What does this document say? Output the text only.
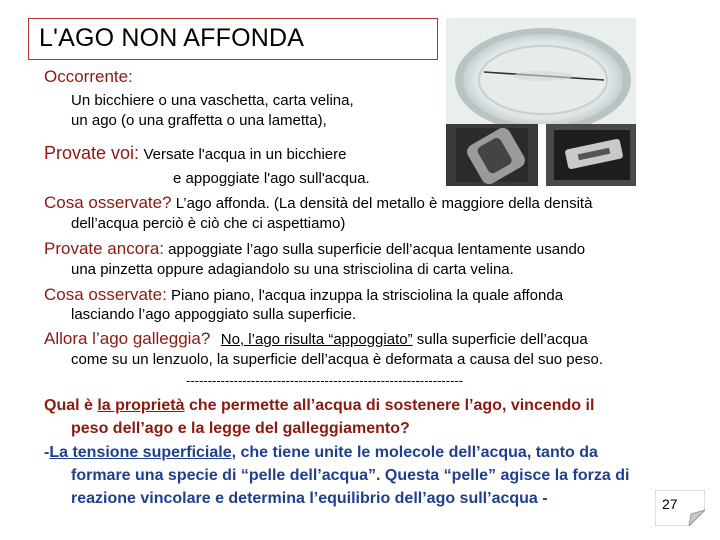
L'AGO NON AFFONDA
Occorrente:
Un bicchiere o una vaschetta, carta velina,
un ago (o una graffetta o una lametta),
Provate voi: Versate l'acqua in un bicchiere
e appoggiate l'ago sull'acqua.
Cosa osservate? L’ago affonda. (La densità del metallo è maggiore della densità
dell’acqua perciò è ciò che ci aspettiamo)
Provate ancora: appoggiate l’ago sulla superficie dell’acqua lentamente usando
una pinzetta oppure adagiandolo su una strisciolina di carta velina.
Cosa osservate: Piano piano, l'acqua inzuppa la strisciolina la quale affonda
lasciando l’ago appoggiato sulla superficie.
Allora l’ago galleggia? No, l’ago risulta “appoggiato” sulla superficie dell’acqua
come su un lenzuolo, la superficie dell’acqua è deformata a causa del suo peso.
----------------------------------------------------------------
Qual è la proprietà che permette all’acqua di sostenere l’ago, vincendo il
peso dell’ago e la legge del galleggiamento?
-La tensione superficiale, che tiene unite le molecole dell’acqua, tanto da
formare una specie di “pelle dell’acqua”. Questa “pelle” agisce la forza di
reazione vincolare e determina l’equilibrio dell’ago sull’acqua -	27
